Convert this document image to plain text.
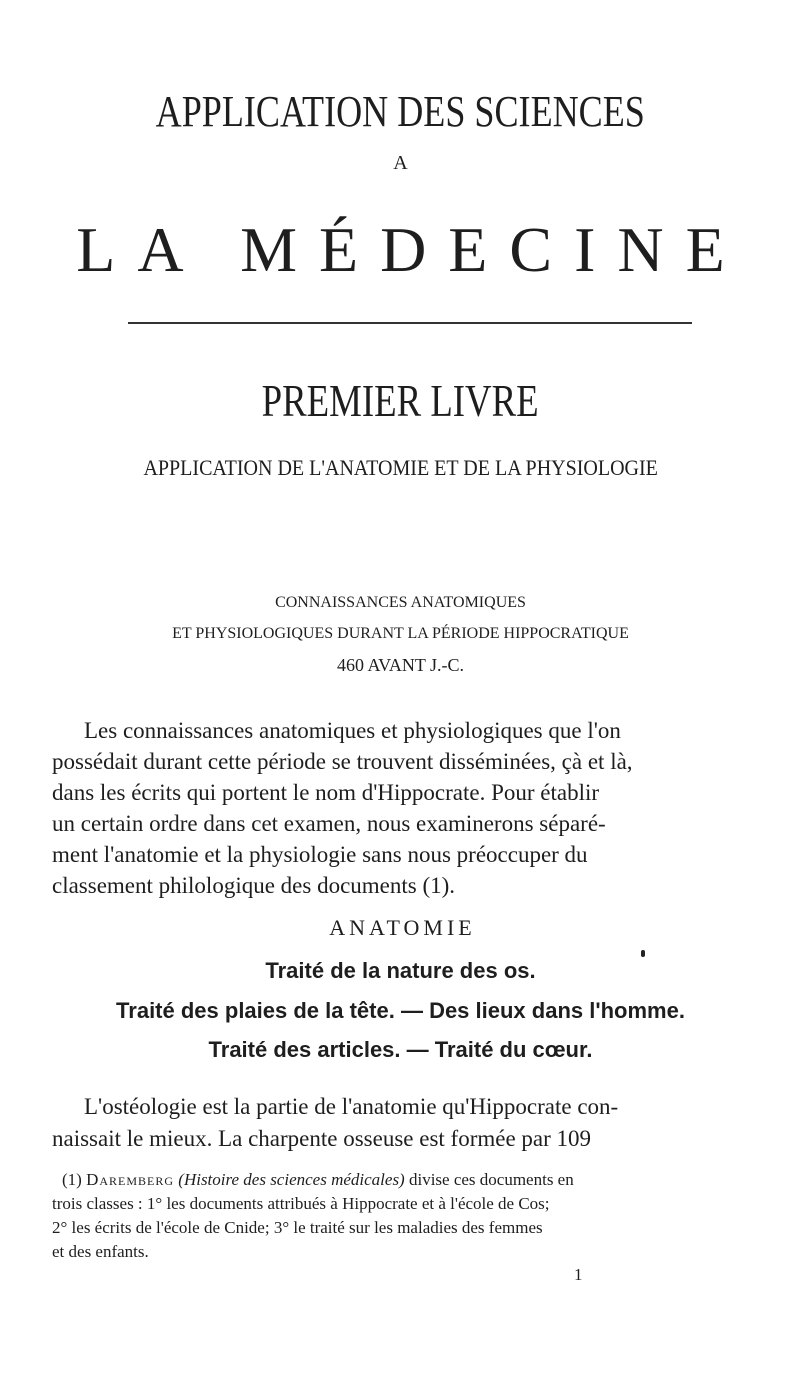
APPLICATION DES SCIENCES
A
LA MÉDECINE
PREMIER LIVRE
APPLICATION DE L'ANATOMIE ET DE LA PHYSIOLOGIE
CONNAISSANCES ANATOMIQUES
ET PHYSIOLOGIQUES DURANT LA PÉRIODE HIPPOCRATIQUE
460 AVANT J.-C.
Les connaissances anatomiques et physiologiques que l'on
possédait durant cette période se trouvent disséminées, çà et là,
dans les écrits qui portent le nom d'Hippocrate. Pour établir
un certain ordre dans cet examen, nous examinerons séparé-
ment l'anatomie et la physiologie sans nous préoccuper du
classement philologique des documents (1).
ANATOMIE
Traité de la nature des os.
Traité des plaies de la tête. — Des lieux dans l'homme.
Traité des articles. — Traité du cœur.
L'ostéologie est la partie de l'anatomie qu'Hippocrate con-
naissait le mieux. La charpente osseuse est formée par 109
(1) Daremberg (Histoire des sciences médicales) divise ces documents en
trois classes : 1° les documents attribués à Hippocrate et à l'école de Cos;
2° les écrits de l'école de Cnide; 3° le traité sur les maladies des femmes
et des enfants.
1
